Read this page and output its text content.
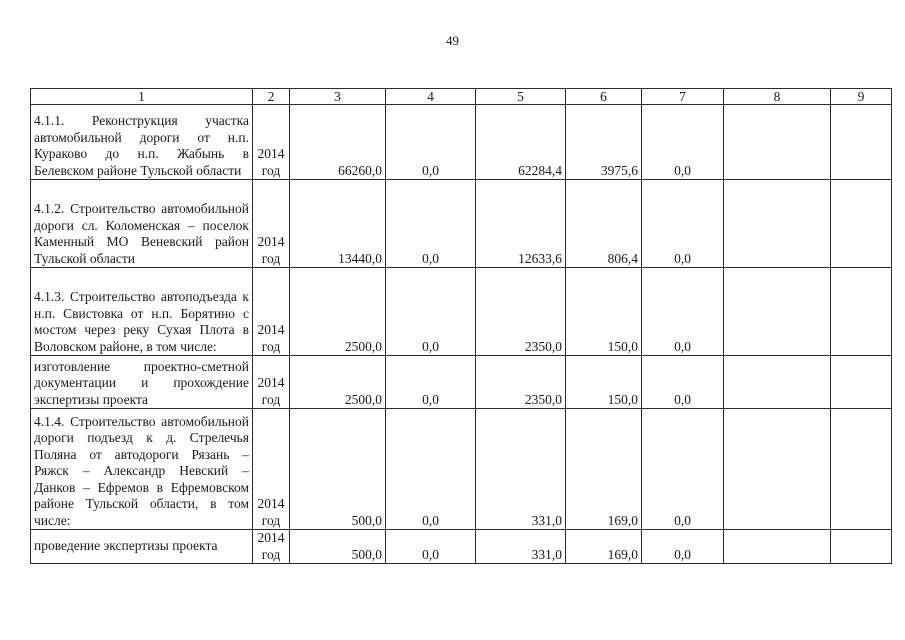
49
1	2	3	4	5	6	7	8	9
4.1.1. Реконструкция участка автомобильной дороги от н.п. Кураково до н.п. Жабынь в Белевском районе Тульской области	2014 год	66260,0	0,0	62284,4	3975,6	0,0		
4.1.2. Строительство автомобильной дороги сл. Коломенская – поселок Каменный МО Веневский район Тульской области	2014 год	13440,0	0,0	12633,6	806,4	0,0		
4.1.3. Строительство автоподъезда к н.п. Свистовка от н.п. Борятино с мостом через реку Сухая Плота в Воловском районе, в том числе:	2014 год	2500,0	0,0	2350,0	150,0	0,0		
изготовление проектно-сметной документации и прохождение экспертизы проекта	2014 год	2500,0	0,0	2350,0	150,0	0,0		
4.1.4. Строительство автомобильной дороги подъезд к д. Стрелечья Поляна от автодороги Рязань – Ряжск – Александр Невский – Данков – Ефремов в Ефремовском районе Тульской области, в том числе:	2014 год	500,0	0,0	331,0	169,0	0,0		
проведение экспертизы проекта	2014 год	500,0	0,0	331,0	169,0	0,0		
